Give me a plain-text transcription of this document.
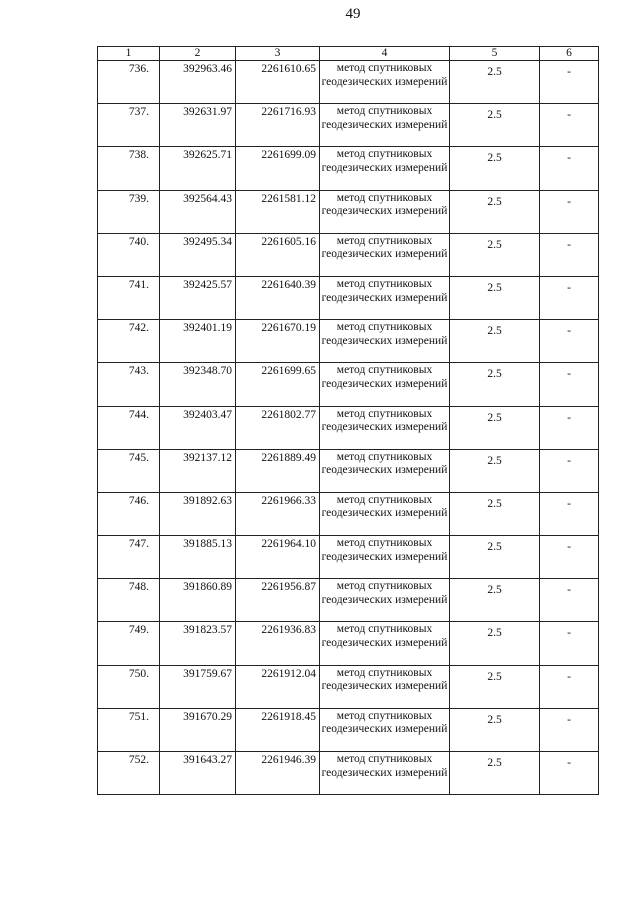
49
1	2	3	4	5	6
736.	392963.46	2261610.65	метод спутниковых геодезических измерений	2.5	-
737.	392631.97	2261716.93	метод спутниковых геодезических измерений	2.5	-
738.	392625.71	2261699.09	метод спутниковых геодезических измерений	2.5	-
739.	392564.43	2261581.12	метод спутниковых геодезических измерений	2.5	-
740.	392495.34	2261605.16	метод спутниковых геодезических измерений	2.5	-
741.	392425.57	2261640.39	метод спутниковых геодезических измерений	2.5	-
742.	392401.19	2261670.19	метод спутниковых геодезических измерений	2.5	-
743.	392348.70	2261699.65	метод спутниковых геодезических измерений	2.5	-
744.	392403.47	2261802.77	метод спутниковых геодезических измерений	2.5	-
745.	392137.12	2261889.49	метод спутниковых геодезических измерений	2.5	-
746.	391892.63	2261966.33	метод спутниковых геодезических измерений	2.5	-
747.	391885.13	2261964.10	метод спутниковых геодезических измерений	2.5	-
748.	391860.89	2261956.87	метод спутниковых геодезических измерений	2.5	-
749.	391823.57	2261936.83	метод спутниковых геодезических измерений	2.5	-
750.	391759.67	2261912.04	метод спутниковых геодезических измерений	2.5	-
751.	391670.29	2261918.45	метод спутниковых геодезических измерений	2.5	-
752.	391643.27	2261946.39	метод спутниковых геодезических измерений	2.5	-
